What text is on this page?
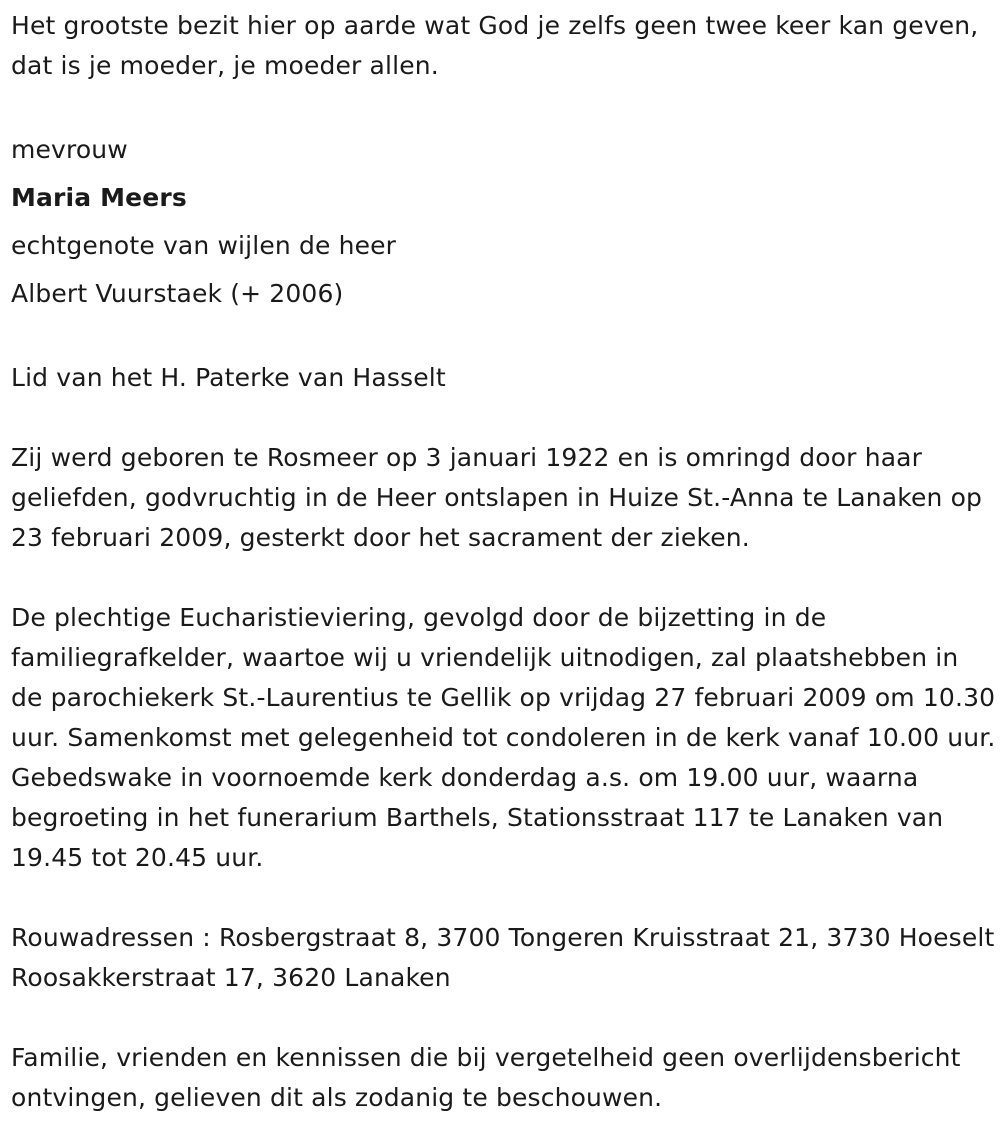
Het grootste bezit hier op aarde wat God je zelfs geen twee keer kan geven, dat is je moeder, je moeder allen.

mevrouw

Maria Meers

echtgenote van wijlen de heer

Albert Vuurstaek (+ 2006)

Lid van het H. Paterke van Hasselt

Zij werd geboren te Rosmeer op 3 januari 1922 en is omringd door haar geliefden, godvruchtig in de Heer ontslapen in Huize St.-Anna te Lanaken op 23 februari 2009, gesterkt door het sacrament der zieken.

De plechtige Eucharistieviering, gevolgd door de bijzetting in de familiegrafkelder, waartoe wij u vriendelijk uitnodigen, zal plaatshebben in de parochiekerk St.-Laurentius te Gellik op vrijdag 27 februari 2009 om 10.30 uur. Samenkomst met gelegenheid tot condoleren in de kerk vanaf 10.00 uur. Gebedswake in voornoemde kerk donderdag a.s. om 19.00 uur, waarna begroeting in het funerarium Barthels, Stationsstraat 117 te Lanaken van 19.45 tot 20.45 uur.

Rouwadressen : Rosbergstraat 8, 3700 Tongeren Kruisstraat 21, 3730 Hoeselt Roosakkerstraat 17, 3620 Lanaken

Familie, vrienden en kennissen die bij vergetelheid geen overlijdensbericht ontvingen, gelieven dit als zodanig te beschouwen.
